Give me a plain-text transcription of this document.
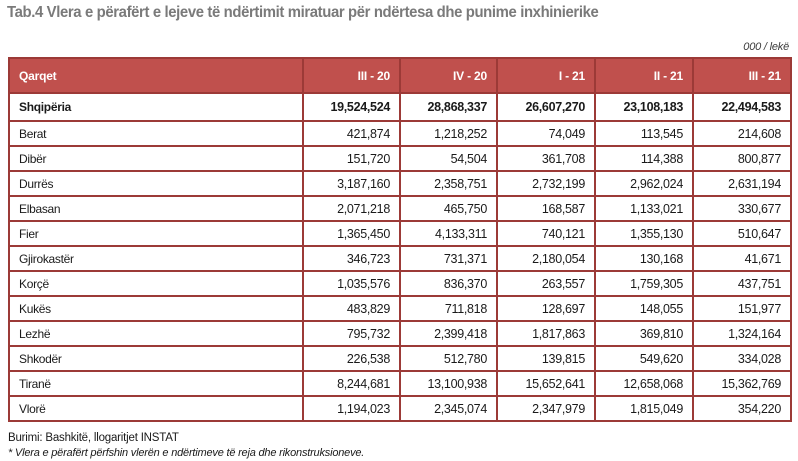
Tab.4 Vlera e përafërt e lejeve të ndërtimit miratuar për ndërtesa dhe punime inxhinierike
000 / lekë
Qarqet	III - 20	IV - 20	I - 21	II - 21	III - 21
Shqipëria	19,524,524	28,868,337	26,607,270	23,108,183	22,494,583
Berat	421,874	1,218,252	74,049	113,545	214,608
Dibër	151,720	54,504	361,708	114,388	800,877
Durrës	3,187,160	2,358,751	2,732,199	2,962,024	2,631,194
Elbasan	2,071,218	465,750	168,587	1,133,021	330,677
Fier	1,365,450	4,133,311	740,121	1,355,130	510,647
Gjirokastër	346,723	731,371	2,180,054	130,168	41,671
Korçë	1,035,576	836,370	263,557	1,759,305	437,751
Kukës	483,829	711,818	128,697	148,055	151,977
Lezhë	795,732	2,399,418	1,817,863	369,810	1,324,164
Shkodër	226,538	512,780	139,815	549,620	334,028
Tiranë	8,244,681	13,100,938	15,652,641	12,658,068	15,362,769
Vlorë	1,194,023	2,345,074	2,347,979	1,815,049	354,220
Burimi: Bashkitë, llogaritjet INSTAT
* Vlera e përafërt përfshin vlerën e ndërtimeve të reja dhe rikonstruksioneve.
